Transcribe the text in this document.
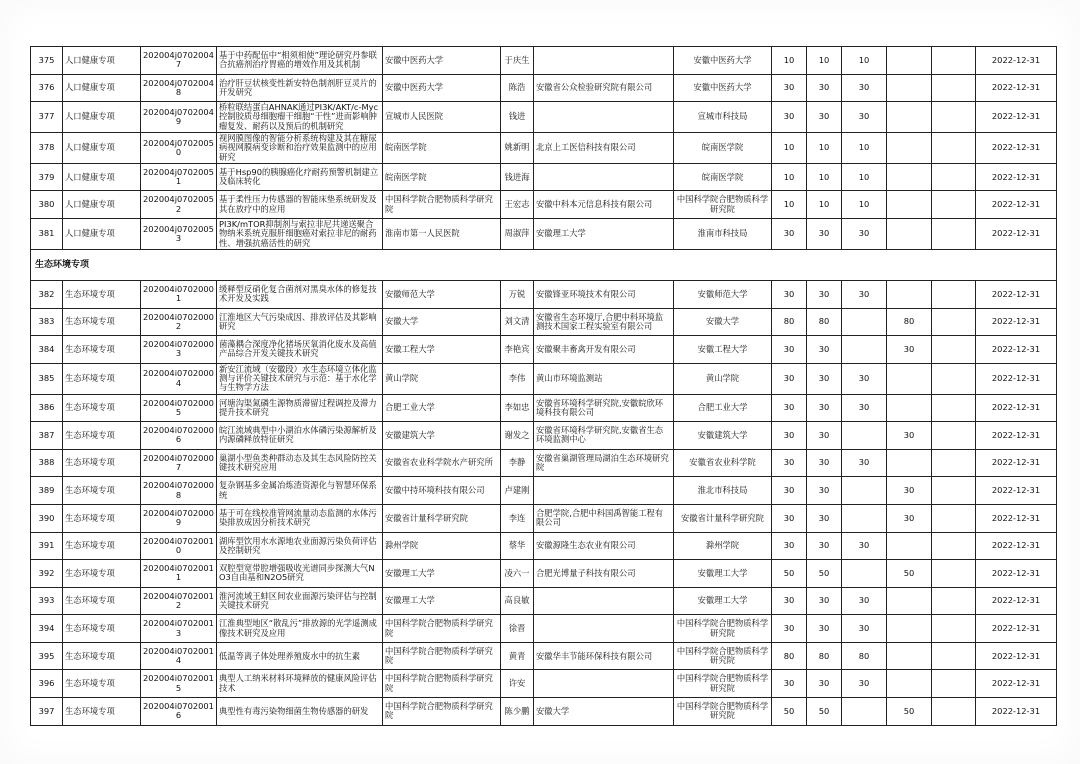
375	人口健康专项	202004j07020047	基于中药配伍中“相须相使”理论研究丹参联合抗癌剂治疗胃癌的增效作用及其机制	安徽中医药大学	于庆生		安徽中医药大学	10	10	10			2022-12-31
376	人口健康专项	202004j07020048	治疗肝豆状核变性新安特色制剂肝豆灵片的开发研究	安徽中医药大学	陈浩	安徽省公众检验研究院有限公司	安徽中医药大学	30	30	30			2022-12-31
377	人口健康专项	202004j07020049	桥粒联结蛋白AHNAK通过PI3K/AKT/c-Myc控制胶质母细胞瘤干细胞“干性”进而影响肿瘤复发、耐药以及预后的机制研究	宣城市人民医院	钱进		宣城市科技局	30	30	30			2022-12-31
378	人口健康专项	202004j07020050	视网膜图像的智能分析系统构建及其在糖尿病视网膜病变诊断和治疗效果监测中的应用研究	皖南医学院	姚新明	北京上工医信科技有限公司	皖南医学院	10	10	10			2022-12-31
379	人口健康专项	202004j07020051	基于Hsp90的胰腺癌化疗耐药预警机制建立及临床转化	皖南医学院	钱进海		皖南医学院	10	10	10			2022-12-31
380	人口健康专项	202004j07020052	基于柔性压力传感器的智能床垫系统研发及其在放疗中的应用	中国科学院合肥物质科学研究院	王宏志	安徽中科本元信息科技有限公司	中国科学院合肥物质科学研究院	10	10	10			2022-12-31
381	人口健康专项	202004j07020053	PI3K/mTOR抑制剂与索拉非尼共递送聚合物纳米系统克服肝细胞癌对索拉非尼的耐药性、增强抗癌活性的研究	淮南市第一人民医院	周淑萍	安徽理工大学	淮南市科技局	30	30	30			2022-12-31
生态环境专项													
382	生态环境专项	202004i07020001	缓释型反硝化复合菌剂对黑臭水体的修复技术开发及实践	安徽师范大学	万锐	安徽锋亚环境技术有限公司	安徽师范大学	30	30	30			2022-12-31
383	生态环境专项	202004i07020002	江淮地区大气污染成因、排放评估及其影响研究	安徽大学	刘文清	安徽省生态环境厅,合肥中科环境监测技术国家工程实验室有限公司	安徽大学	80	80		80		2022-12-31
384	生态环境专项	202004i07020003	菌藻耦合深度净化猪场厌氧消化废水及高值产品综合开发关键技术研究	安徽工程大学	李艳宾	安徽聚丰畜禽开发有限公司	安徽工程大学	30	30		30		2022-12-31
385	生态环境专项	202004i07020004	新安江流域（安徽段）水生态环境立体化监测与评价关键技术研究与示范：基于水化学与生物学方法	黄山学院	李伟	黄山市环境监测站	黄山学院	30	30	30			2022-12-31
386	生态环境专项	202004i07020005	河塘沟渠氮磷生源物质滞留过程调控及滞力提升技术研究	合肥工业大学	李如忠	安徽省环境科学研究院,安徽皖欣环境科技有限公司	合肥工业大学	30	30	30			2022-12-31
387	生态环境专项	202004i07020006	皖江流域典型中小湖泊水体磷污染源解析及内源磷释放特征研究	安徽建筑大学	谢发之	安徽省环境科学研究院,安徽省生态环境监测中心	安徽建筑大学	30	30		30		2022-12-31
388	生态环境专项	202004i07020007	巢湖小型鱼类种群动态及其生态风险防控关键技术研究应用	安徽省农业科学院水产研究所	李静	安徽省巢湖管理局湖泊生态环境研究院	安徽省农业科学院	30	30	30			2022-12-31
389	生态环境专项	202004i07020008	复杂钢基多金属冶炼渣资源化与智慧环保系统	安徽中持环境科技有限公司	卢建刚		淮北市科技局	30	30		30		2022-12-31
390	生态环境专项	202004i07020009	基于可在线校准管网流量动态监测的水体污染排放成因分析技术研究	安徽省计量科学研究院	李连	合肥学院,合肥中科国禹智能工程有限公司	安徽省计量科学研究院	30	30		30		2022-12-31
391	生态环境专项	202004i07020010	湖库型饮用水水源地农业面源污染负荷评估及控制研究	滁州学院	蔡华	安徽源隆生态农业有限公司	滁州学院	30	30	30			2022-12-31
392	生态环境专项	202004i07020011	双腔型宽带腔增强吸收光谱同步探测大气NO3自由基和N2O5研究	安徽理工大学	凌六一	合肥光博量子科技有限公司	安徽理工大学	50	50		50		2022-12-31
393	生态环境专项	202004i07020012	淮河流域王蚌区间农业面源污染评估与控制关键技术研究	安徽理工大学	高良敏		安徽理工大学	30	30	30			2022-12-31
394	生态环境专项	202004i07020013	江淮典型地区“散乱污”排放源的光学遥测成像技术研究及应用	中国科学院合肥物质科学研究院	徐晋		中国科学院合肥物质科学研究院	30	30	30			2022-12-31
395	生态环境专项	202004i07020014	低温等离子体处理养殖废水中的抗生素	中国科学院合肥物质科学研究院	黄青	安徽华丰节能环保科技有限公司	中国科学院合肥物质科学研究院	80	80	80			2022-12-31
396	生态环境专项	202004i07020015	典型人工纳米材料环境释放的健康风险评估技术	中国科学院合肥物质科学研究院	许安		中国科学院合肥物质科学研究院	30	30	30			2022-12-31
397	生态环境专项	202004i07020016	典型性有毒污染物细菌生物传感器的研发	中国科学院合肥物质科学研究院	陈少鹏	安徽大学	中国科学院合肥物质科学研究院	50	50		50		2022-12-31
